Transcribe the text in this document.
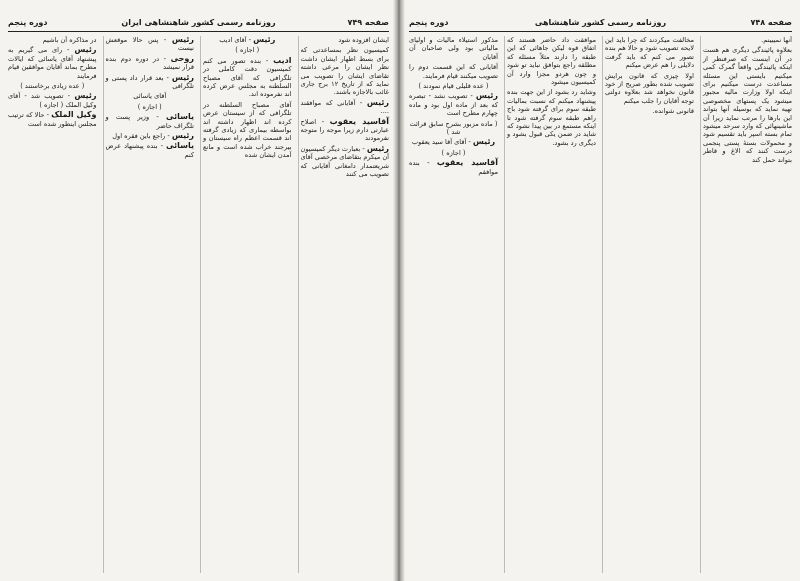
صفحه ۷۴۹
روزنامه رسمی کشور شاهنشاهی ایران
دوره پنجم

ایشان افزوده شود

کمیسیون نظر بمساعدتی که برای بسط اظهار ایشان داشت نظر ایشان را مرعی داشته تقاضای ایشان را تصویب می نماید که از تاریخ ۱۲ برج جاری غائب بالاجازه باشند.

رئیس - آقایانی که موافقند ....

آقاسید یعقوب - اصلاح عبارتی دارم زیرا موجه را متوجه نفرمودند

رئیس - بعبارت دیگر کمیسیون آن میکرم بتقاضای مرخصی آقای شریعتمدار دامغانی آقایانی که تصویب می کنند

رئیس - آقای ادیب

( اجازه )

ادیب - بنده تصور می کنم کمیسیون دقت کاملی در تلگرافی که آقای مصباح السلطنه به مجلس عرض کرده اند نفرموده اند.

آقای مصباح السلطنه در تلگرافی که از سیستان عرض کرده اند اظهار داشته اند بواسطه بیماری که زیادی گرفته اند قسمت اعظم راه سیستان و بیرجند خراب شده است و مانع آمدن ایشان شده

رئیس - پس حالا موقعش نیست

روحی - در دوره دوم بنده قرار نمیشد

رئیس - بعد قرار داد پستی و تلگرافی

آقای یاسائی

( اجازه )

یاسائی - وزیر پست و تلگراف حاضر

رئیس - راجع باین فقره اول

یاسائی - بنده پیشنهاد عرض کنم

در مذاکره آن باشیم

رئیس - رای می گیریم به پیشنهاد آقای یاسائی که ایالات مطرح بماند آقایان موافقین قیام فرمایند

( عده زیادی برخاستند )

رئیس - تصویب شد - آقای وکیل الملک ( اجازه )

وکیل الملک - حالا که ترتیب مجلس اینطور شده است

صفحه ۷۴۸
روزنامه رسمی کشور شاهنشاهی
دوره پنجم

آنها نمیبینم.

بعلاوه پائیندگی دیگری هم هست در آن اینست که صرفنظر از اینکه پائیندگی واقعاً گمرک کمی میکنیم بایستی این مسئله مساعدت درست میکنیم برای اینکه اولا وزارت مالیه مجبور میشود یک پستهای مخصوصی تهیه نماید که بوسیله آنها بتواند این بارها را مرتب نماید زیرا آن ماشینهائی که وارد سرحد میشود تمام بسته اسپر باید تقسیم شود و محمولات بستهٔ پستی پنجمی درست کنند که الاغ و قاطر بتواند حمل کند

مخالفت میکردند که چرا باید این لایحه تصویب شود و حالا هم بنده تصور می کنم که باید گرفت دلایلی را هم عرض میکنم

اولا چیزی که قانون برایش تصویب شده بطور صریح از خود قانون نخواهد شد بعلاوه دولتی توجه آقایان را جلب میکنم

قانونی شوانده.

موافقت داد حاضر هستند که اتفاق قوه لیکن جاهائی که این طبقه را دارند مثلاً مسئله که مطلقه راجع بتوافق نباید تو شود و چون هردو مجزا وارد آن کمیسیون میشود

وشاید رد بشود از این جهت بنده پیشنهاد میکنم که نسبت بمالیات طبقه سوم برای گرفته شود باج راهم طبقه سوم گرفته شود تا اینکه مستمع در بین پیدا نشود که شاید در ضمن یکی قبول بشود و دیگری رد بشود.

مذکور استیلاء ماليات و اولیای مالیاتی بود ولی صاحبان آن آقایان

آقایانی که این قسمت دوم را تصویب میکنند قیام فرمایند.

( عده قلیلی قیام نمودند )

رئیس - تصویب نشد - تبصره که بعد از ماده اول بود و ماده چهارم مطرح است

( ماده مزبور بشرح سابق قرائت شد )

رئیس - آقای آقا سید یعقوب

( اجازه )

آقاسید یعقوب - بنده موافقم
